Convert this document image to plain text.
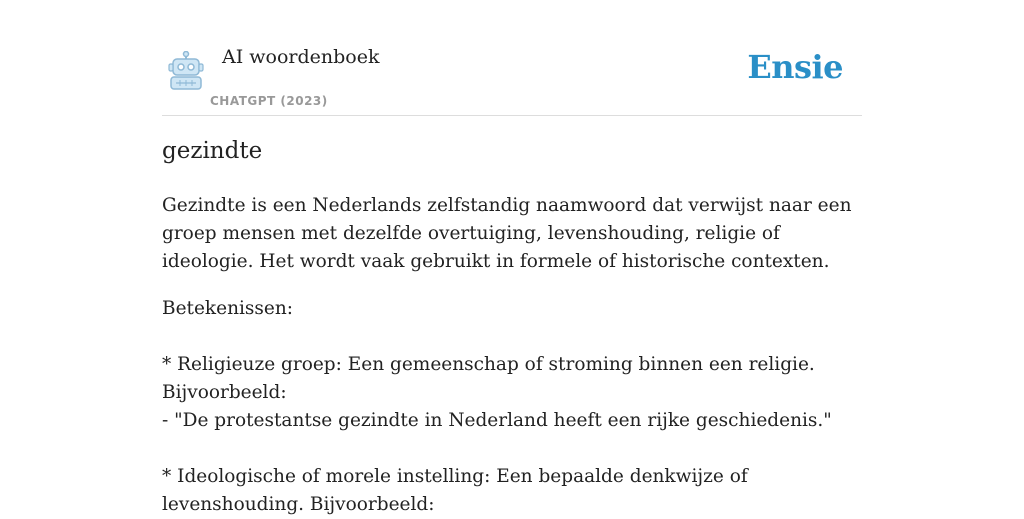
AI woordenboek
CHATGPT (2023)
Ensie
gezindte

Gezindte is een Nederlands zelfstandig naamwoord dat verwijst naar een groep mensen met dezelfde overtuiging, levenshouding, religie of ideologie. Het wordt vaak gebruikt in formele of historische contexten.

Betekenissen:

* Religieuze groep: Een gemeenschap of stroming binnen een religie. Bijvoorbeeld:
- "De protestantse gezindte in Nederland heeft een rijke geschiedenis."

* Ideologische of morele instelling: Een bepaalde denkwijze of levenshouding. Bijvoorbeeld:
